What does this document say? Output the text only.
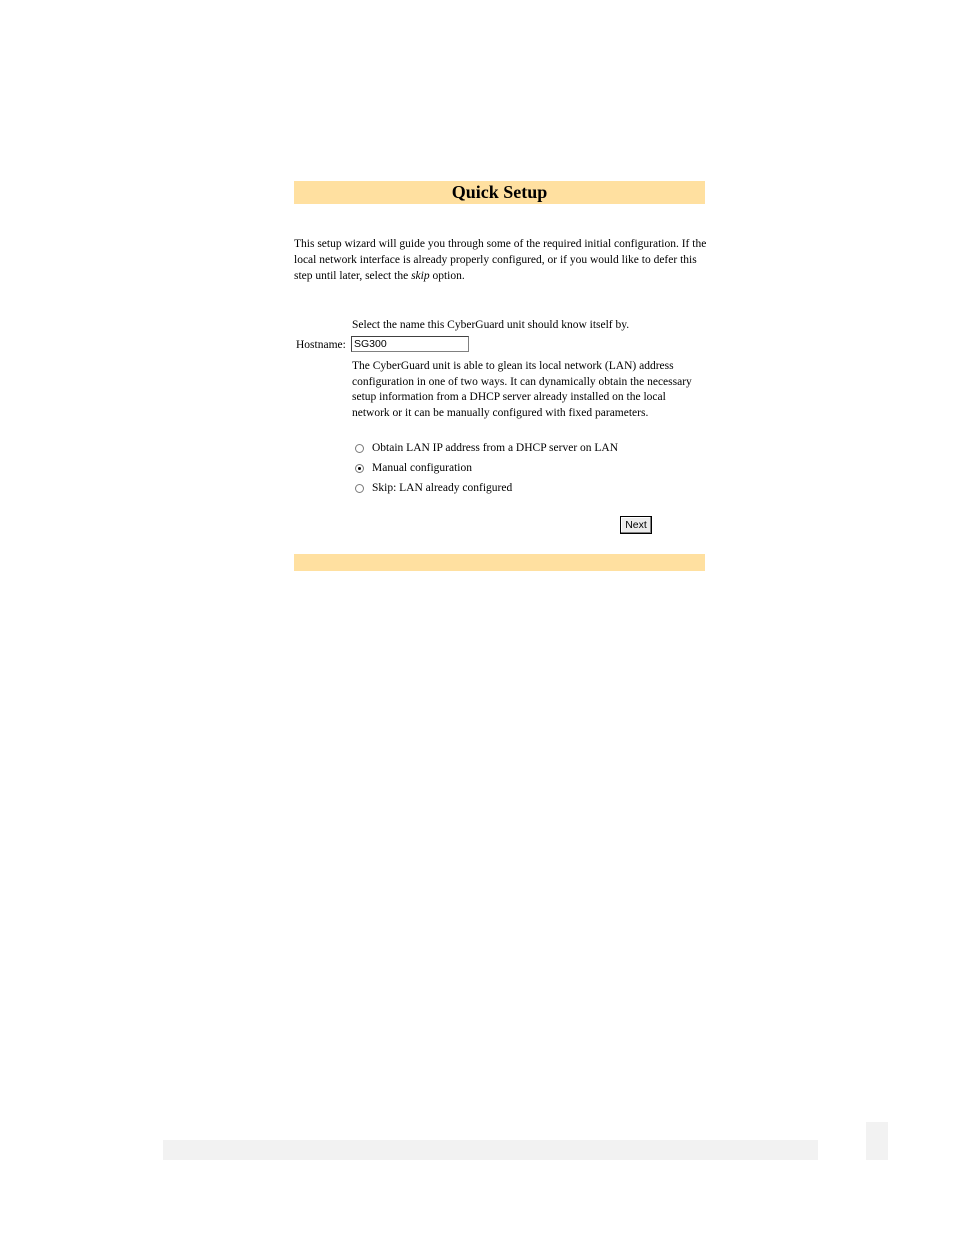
Quick Setup
This setup wizard will guide you through some of the required initial configuration. If the local network interface is already properly configured, or if you would like to defer this step until later, select the skip option.
Select the name this CyberGuard unit should know itself by.
Hostname:
SG300
The CyberGuard unit is able to glean its local network (LAN) address configuration in one of two ways. It can dynamically obtain the necessary setup information from a DHCP server already installed on the local network or it can be manually configured with fixed parameters.
Obtain LAN IP address from a DHCP server on LAN
Manual configuration
Skip: LAN already configured
Next
